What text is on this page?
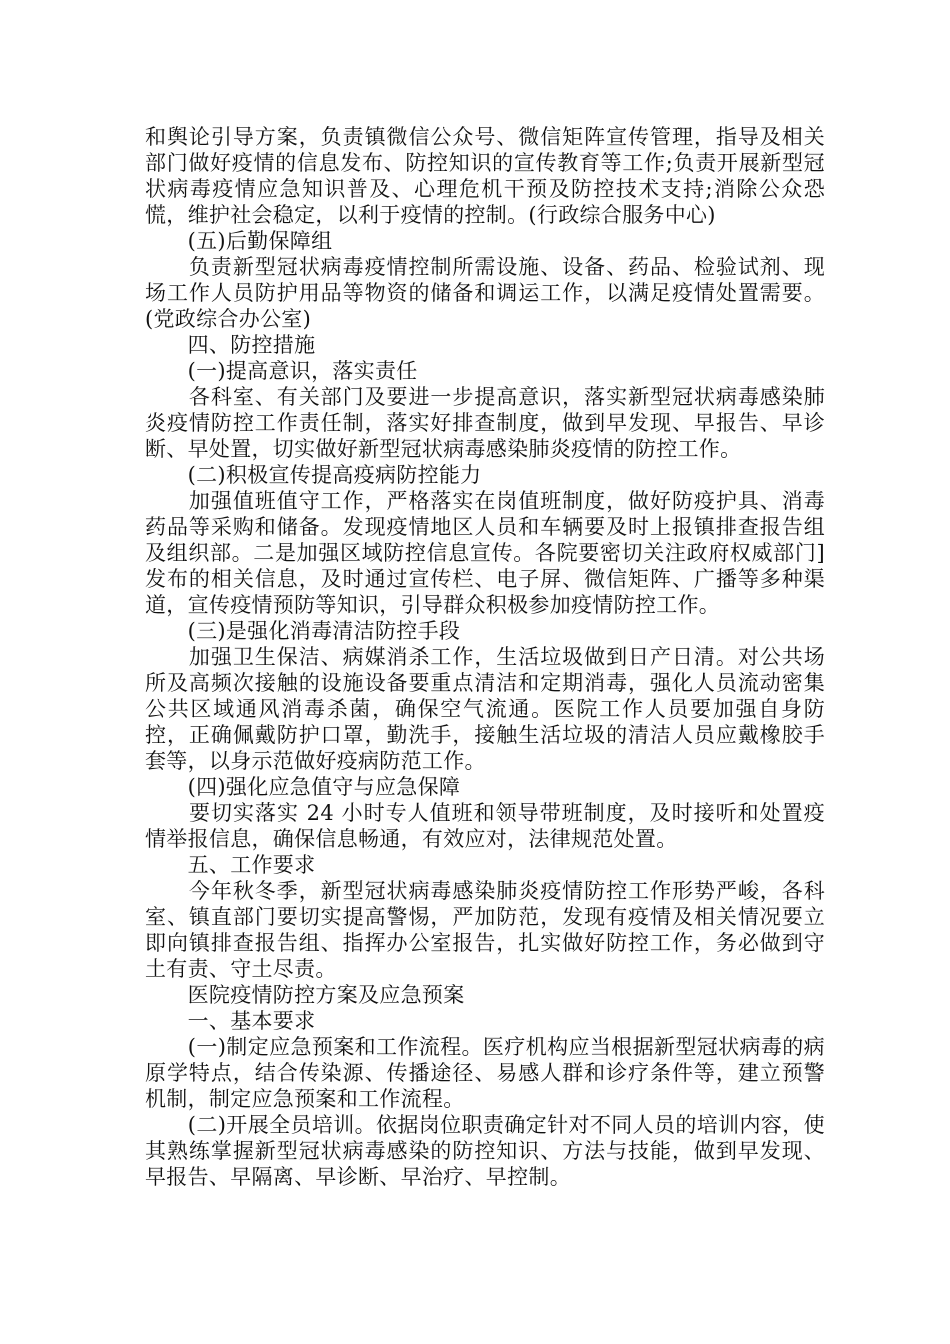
和舆论引导方案，负责镇微信公众号、微信矩阵宣传管理，指导及相关部门做好疫情的信息发布、防控知识的宣传教育等工作;负责开展新型冠状病毒疫情应急知识普及、心理危机干预及防控技术支持;消除公众恐慌，维护社会稳定，以利于疫情的控制。(行政综合服务中心)

　　(五)后勤保障组

　　负责新型冠状病毒疫情控制所需设施、设备、药品、检验试剂、现场工作人员防护用品等物资的储备和调运工作，以满足疫情处置需要。(党政综合办公室)

　　四、防控措施

　　(一)提高意识，落实责任

　　各科室、有关部门及要进一步提高意识，落实新型冠状病毒感染肺炎疫情防控工作责任制，落实好排查制度，做到早发现、早报告、早诊断、早处置，切实做好新型冠状病毒感染肺炎疫情的防控工作。

　　(二)积极宣传提高疫病防控能力

　　加强值班值守工作，严格落实在岗值班制度，做好防疫护具、消毒药品等采购和储备。发现疫情地区人员和车辆要及时上报镇排查报告组及组织部。二是加强区域防控信息宣传。各院要密切关注政府权威部门]发布的相关信息，及时通过宣传栏、电子屏、微信矩阵、广播等多种渠道，宣传疫情预防等知识，引导群众积极参加疫情防控工作。

　　(三)是强化消毒清洁防控手段

　　加强卫生保洁、病媒消杀工作，生活垃圾做到日产日清。对公共场所及高频次接触的设施设备要重点清洁和定期消毒，强化人员流动密集公共区域通风消毒杀菌，确保空气流通。医院工作人员要加强自身防控，正确佩戴防护口罩，勤洗手，接触生活垃圾的清洁人员应戴橡胶手套等，以身示范做好疫病防范工作。

　　(四)强化应急值守与应急保障

　　要切实落实 24 小时专人值班和领导带班制度，及时接听和处置疫情举报信息，确保信息畅通，有效应对，法律规范处置。

　　五、工作要求

　　今年秋冬季，新型冠状病毒感染肺炎疫情防控工作形势严峻，各科室、镇直部门要切实提高警惕，严加防范，发现有疫情及相关情况要立即向镇排查报告组、指挥办公室报告，扎实做好防控工作，务必做到守土有责、守土尽责。

　　医院疫情防控方案及应急预案

　　一、基本要求

　　(一)制定应急预案和工作流程。医疗机构应当根据新型冠状病毒的病原学特点，结合传染源、传播途径、易感人群和诊疗条件等，建立预警机制，制定应急预案和工作流程。

　　(二)开展全员培训。依据岗位职责确定针对不同人员的培训内容，使其熟练掌握新型冠状病毒感染的防控知识、方法与技能，做到早发现、早报告、早隔离、早诊断、早治疗、早控制。
